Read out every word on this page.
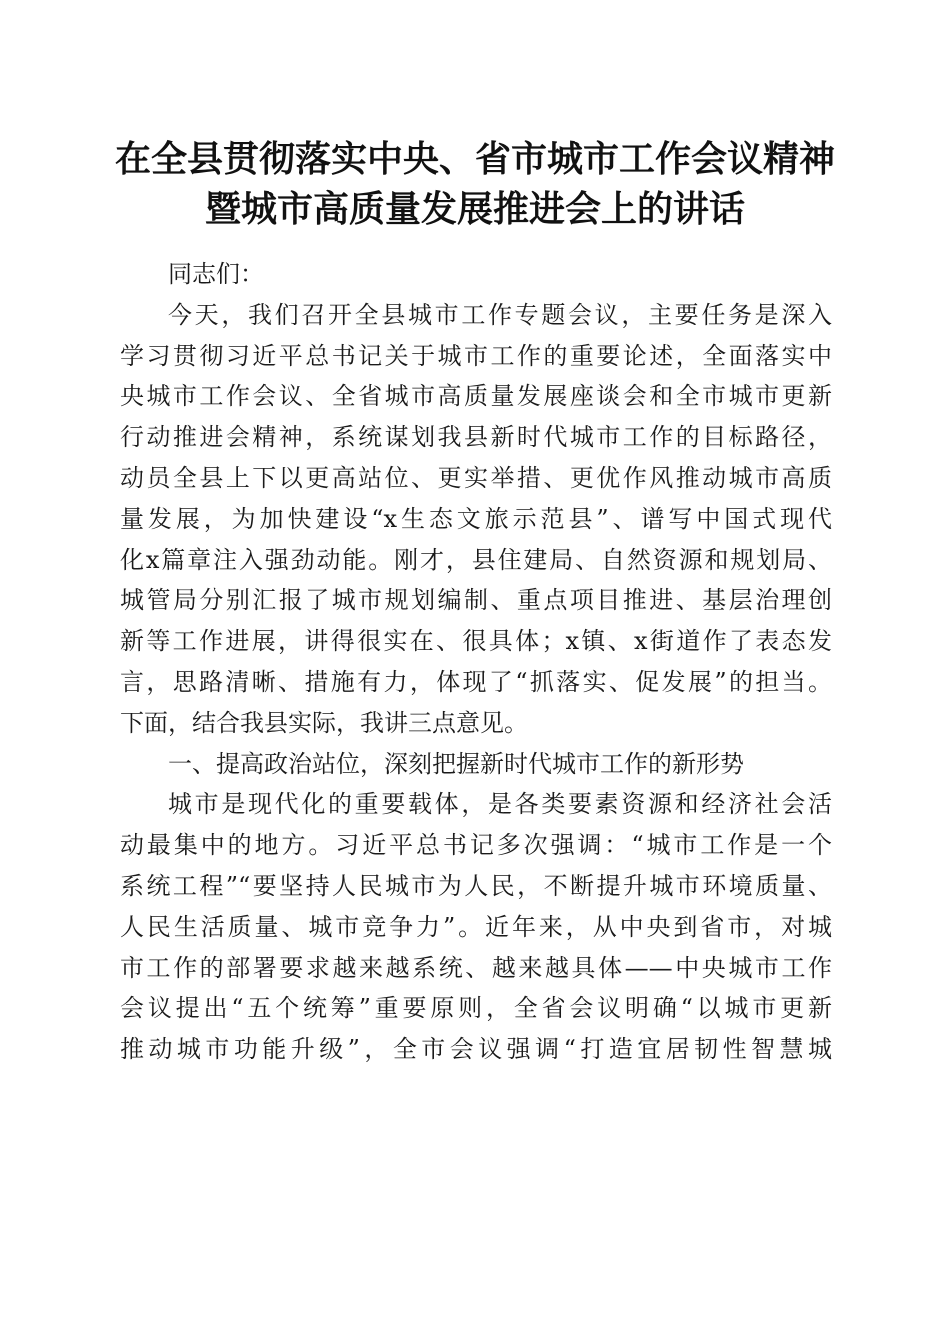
在全县贯彻落实中央、省市城市工作会议精神
暨城市高质量发展推进会上的讲话
同志们：
今天，我们召开全县城市工作专题会议，主要任务是深入
学习贯彻习近平总书记关于城市工作的重要论述，全面落实中
央城市工作会议、全省城市高质量发展座谈会和全市城市更新
行动推进会精神，系统谋划我县新时代城市工作的目标路径，
动员全县上下以更高站位、更实举措、更优作风推动城市高质
量发展，为加快建设“x生态文旅示范县”、谱写中国式现代
化x篇章注入强劲动能。刚才，县住建局、自然资源和规划局、
城管局分别汇报了城市规划编制、重点项目推进、基层治理创
新等工作进展，讲得很实在、很具体；x镇、x街道作了表态发
言，思路清晰、措施有力，体现了“抓落实、促发展”的担当。
下面，结合我县实际，我讲三点意见。
一、提高政治站位，深刻把握新时代城市工作的新形势
城市是现代化的重要载体，是各类要素资源和经济社会活
动最集中的地方。习近平总书记多次强调：“城市工作是一个
系统工程”“要坚持人民城市为人民，不断提升城市环境质量、
人民生活质量、城市竞争力”。近年来，从中央到省市，对城
市工作的部署要求越来越系统、越来越具体——中央城市工作
会议提出“五个统筹”重要原则，全省会议明确“以城市更新
推动城市功能升级”，全市会议强调“打造宜居韧性智慧城
